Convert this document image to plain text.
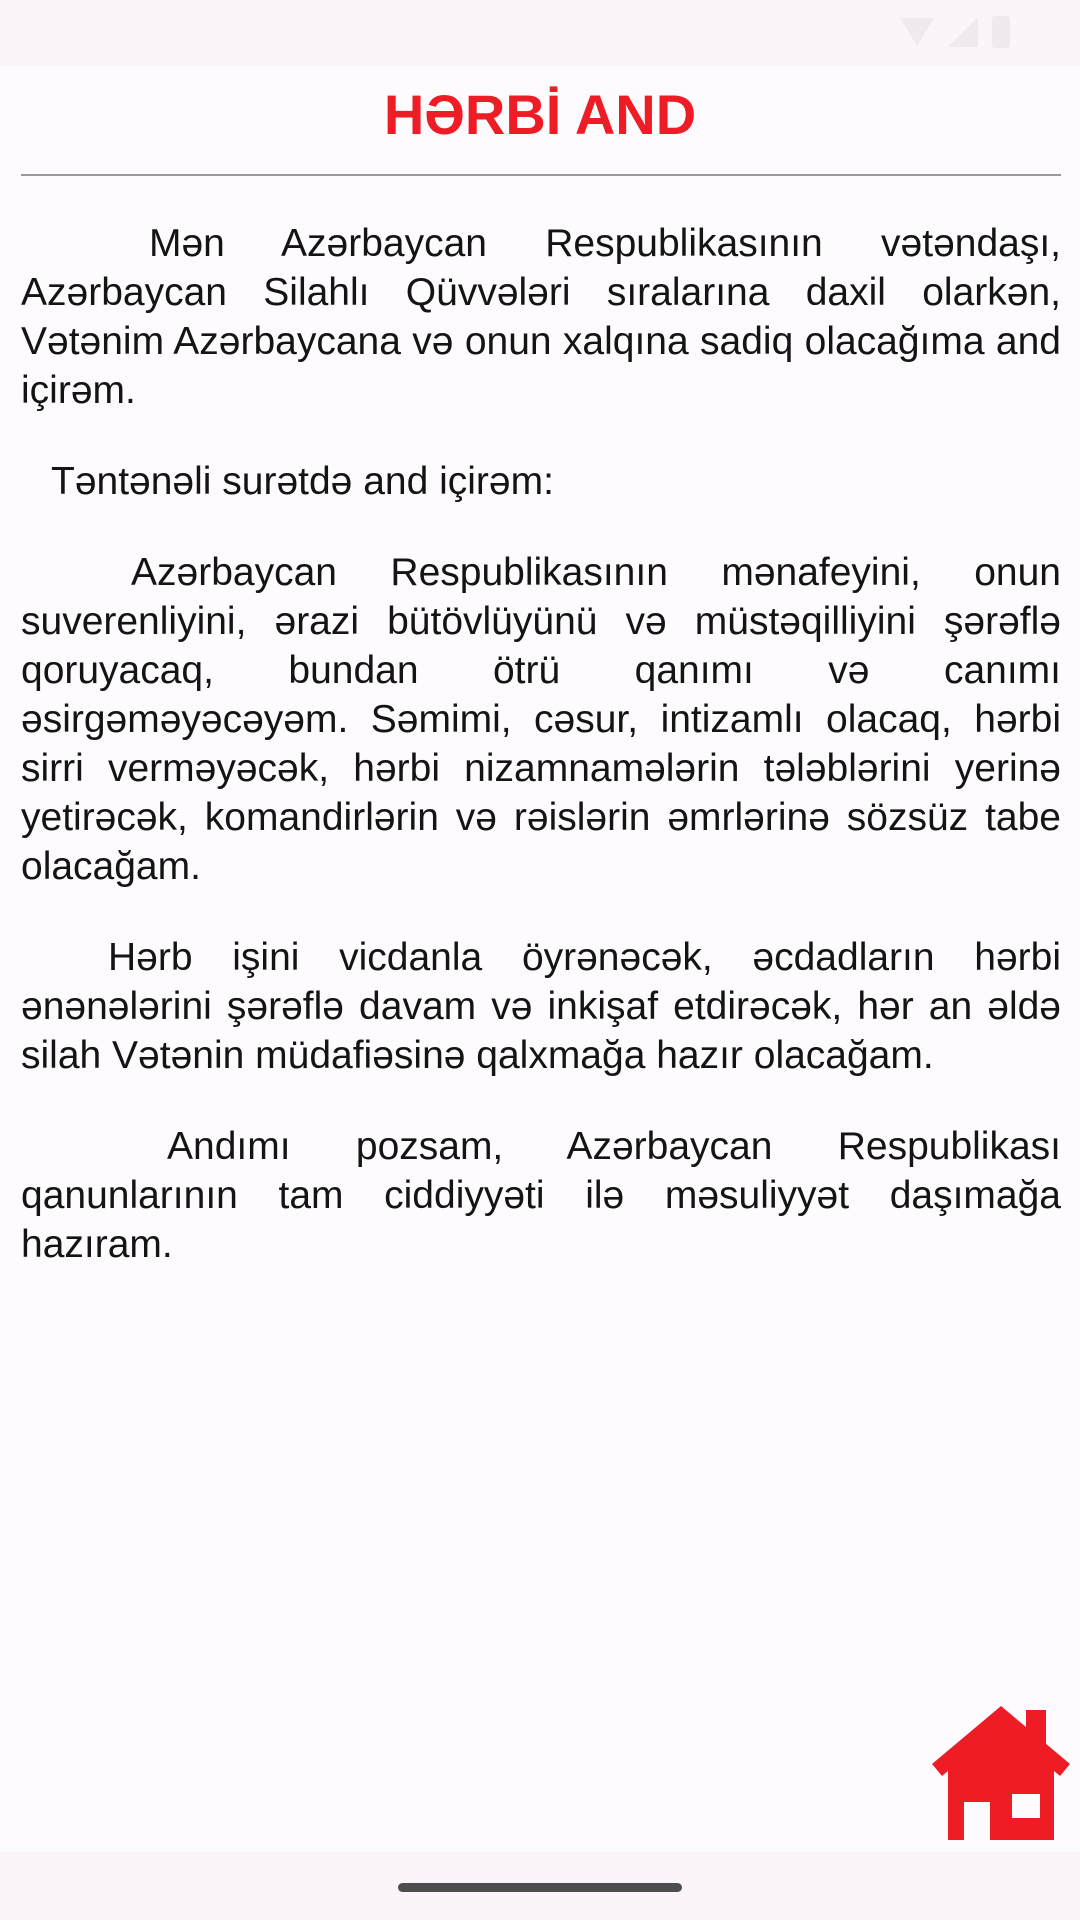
HƏRBİ AND

Mən Azərbaycan Respublikasının vətəndaşı, Azərbaycan Silahlı Qüvvələri sıralarına daxil olarkən, Vətənim Azərbaycana və onun xalqına sadiq olacağıma and içirəm.

Təntənəli surətdə and içirəm:

Azərbaycan Respublikasının mənafeyini, onun suverenliyini, ərazi bütövlüyünü və müstəqilliyini şərəflə qoruyacaq, bundan ötrü qanımı və canımı əsirgəməyəcəyəm. Səmimi, cəsur, intizamlı olacaq, hərbi sirri verməyəcək, hərbi nizamnamələrin tələblərini yerinə yetirəcək, komandirlərin və rəislərin əmrlərinə sözsüz tabe olacağam.

Hərb işini vicdanla öyrənəcək, əcdadların hərbi ənənələrini şərəflə davam və inkişaf etdirəcək, hər an əldə silah Vətənin müdafiəsinə qalxmağa hazır olacağam.

Andımı pozsam, Azərbaycan Respublikası qanunlarının tam ciddiyyəti ilə məsuliyyət daşımağa hazıram.
